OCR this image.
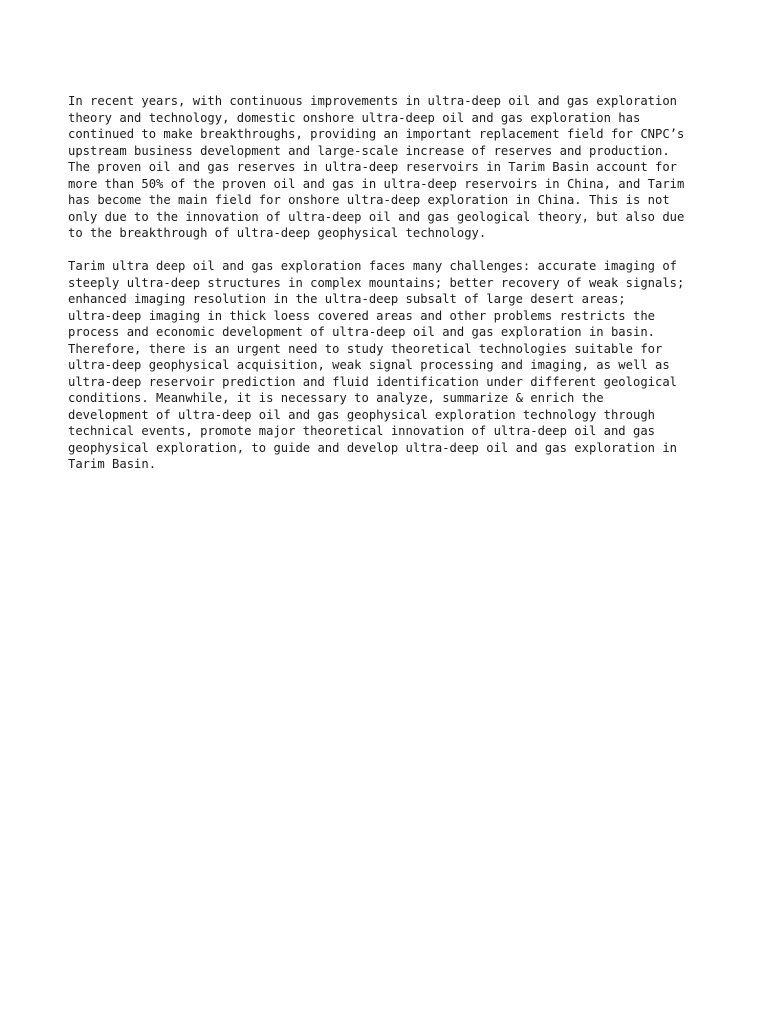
In recent years, with continuous improvements in ultra-deep oil and gas exploration
theory and technology, domestic onshore ultra-deep oil and gas exploration has
continued to make breakthroughs, providing an important replacement field for CNPC’s
upstream business development and large-scale increase of reserves and production.
The proven oil and gas reserves in ultra-deep reservoirs in Tarim Basin account for
more than 50% of the proven oil and gas in ultra-deep reservoirs in China, and Tarim
has become the main field for onshore ultra-deep exploration in China. This is not
only due to the innovation of ultra-deep oil and gas geological theory, but also due
to the breakthrough of ultra-deep geophysical technology.

Tarim ultra deep oil and gas exploration faces many challenges: accurate imaging of
steeply ultra-deep structures in complex mountains; better recovery of weak signals;
enhanced imaging resolution in the ultra-deep subsalt of large desert areas;
ultra-deep imaging in thick loess covered areas and other problems restricts the
process and economic development of ultra-deep oil and gas exploration in basin.
Therefore, there is an urgent need to study theoretical technologies suitable for
ultra-deep geophysical acquisition, weak signal processing and imaging, as well as
ultra-deep reservoir prediction and fluid identification under different geological
conditions. Meanwhile, it is necessary to analyze, summarize & enrich the
development of ultra-deep oil and gas geophysical exploration technology through
technical events, promote major theoretical innovation of ultra-deep oil and gas
geophysical exploration, to guide and develop ultra-deep oil and gas exploration in
Tarim Basin.
